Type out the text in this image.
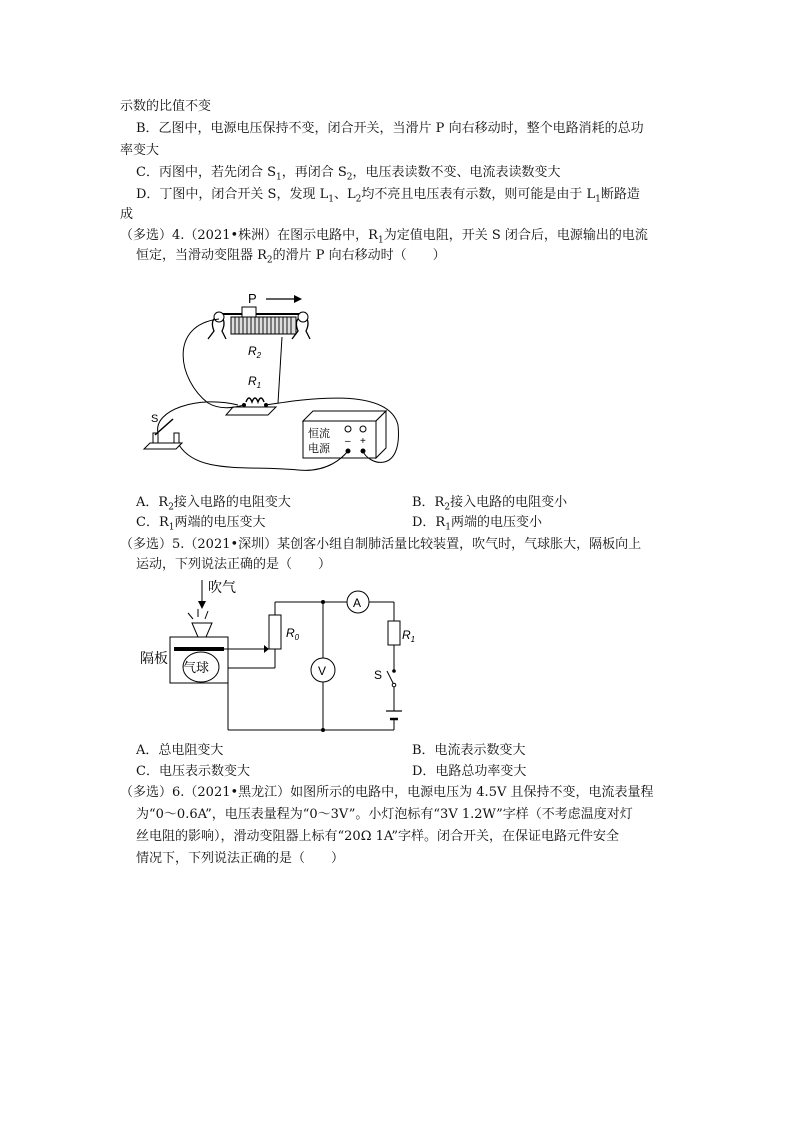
示数的比值不变
B．乙图中，电源电压保持不变，闭合开关，当滑片 P 向右移动时，整个电路消耗的总功
率变大
C．丙图中，若先闭合 $S_1$，再闭合 $S_2$，电压表读数不变、电流表读数变大
D．丁图中，闭合开关 S，发现 $L_1$、$L_2$均不亮且电压表有示数，则可能是由于 $L_1$断路造
成
（多选）4.（2021•株洲）在图示电路中，$R_1$为定值电阻，开关 S 闭合后，电源输出的电流
恒定，当滑动变阻器 $R_2$的滑片 P 向右移动时（　　）
P
$R_2$
$R_1$
S
恒流
电源
– +
A．$R_2$接入电路的电阻变大	B．$R_2$接入电路的电阻变小
C．$R_1$两端的电压变大	D．$R_1$两端的电压变小
（多选）5.（2021•深圳）某创客小组自制肺活量比较装置，吹气时，气球胀大，隔板向上
运动，下列说法正确的是（　　）
吹气
隔板
气球
$R_0$
V
A
$R_1$
S
A．总电阻变大	B．电流表示数变大
C．电压表示数变大	D．电路总功率变大
（多选）6.（2021•黑龙江）如图所示的电路中，电源电压为 4.5V 且保持不变，电流表量程
为“0～0.6A”，电压表量程为“0～3V”。小灯泡标有“3V 1.2W”字样（不考虑温度对灯
丝电阻的影响），滑动变阻器上标有“20Ω 1A”字样。闭合开关，在保证电路元件安全
情况下，下列说法正确的是（　　）
